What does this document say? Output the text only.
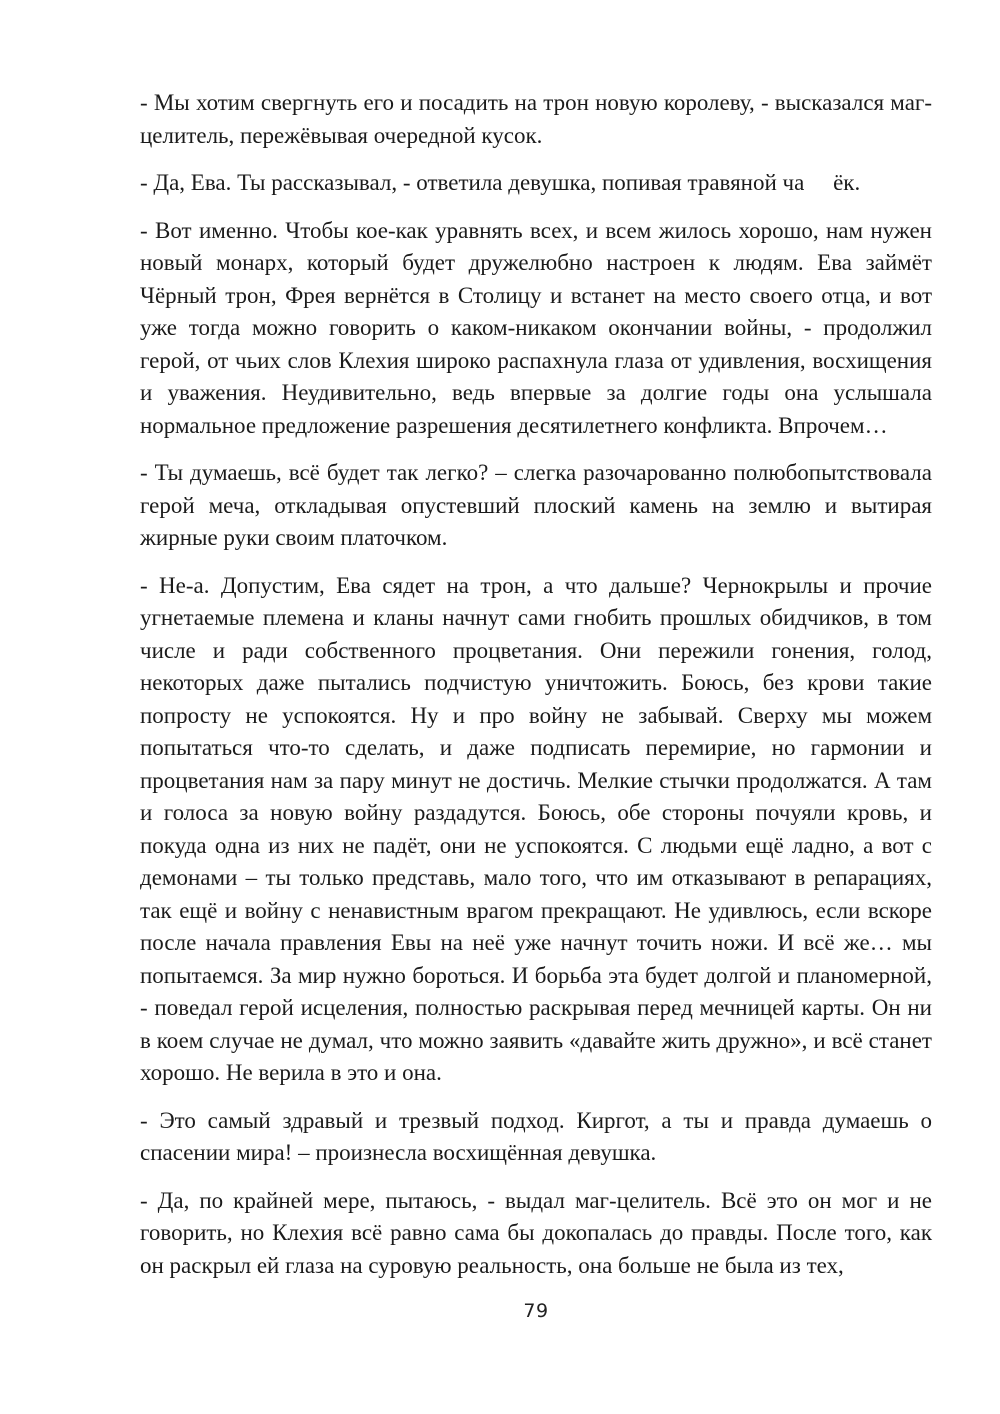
- Мы хотим свергнуть его и посадить на трон новую королеву, - высказался маг-целитель, пережёвывая очередной кусок.

- Да, Ева. Ты рассказывал, - ответила девушка, попивая травяной ча     ёк.

- Вот именно. Чтобы кое-как уравнять всех, и всем жилось хорошо, нам нужен новый монарх, который будет дружелюбно настроен к людям. Ева займёт Чёрный трон, Фрея вернётся в Столицу и встанет на место своего отца, и вот уже тогда можно говорить о каком-никаком окончании войны, - продолжил герой, от чьих слов Клехия широко распахнула глаза от удивления, восхищения и уважения. Неудивительно, ведь впервые за долгие годы она услышала нормальное предложение разрешения десятилетнего конфликта. Впрочем…

- Ты думаешь, всё будет так легко? – слегка разочарованно полюбопытствовала герой меча, откладывая опустевший плоский камень на землю и вытирая жирные руки своим платочком.

- Не-а. Допустим, Ева сядет на трон, а что дальше? Чернокрылы и прочие угнетаемые племена и кланы начнут сами гнобить прошлых обидчиков, в том числе и ради собственного процветания. Они пережили гонения, голод, некоторых даже пытались подчистую уничтожить. Боюсь, без крови такие попросту не успокоятся. Ну и про войну не забывай. Сверху мы можем попытаться что-то сделать, и даже подписать перемирие, но гармонии и процветания нам за пару минут не достичь. Мелкие стычки продолжатся. А там и голоса за новую войну раздадутся. Боюсь, обе стороны почуяли кровь, и покуда одна из них не падёт, они не успокоятся. С людьми ещё ладно, а вот с демонами – ты только представь, мало того, что им отказывают в репарациях, так ещё и войну с ненавистным врагом прекращают. Не удивлюсь, если вскоре после начала правления Евы на неё уже начнут точить ножи. И всё же… мы попытаемся. За мир нужно бороться. И борьба эта будет долгой и планомерной, - поведал герой исцеления, полностью раскрывая перед мечницей карты. Он ни в коем случае не думал, что можно заявить «давайте жить дружно», и всё станет хорошо. Не верила в это и она.

- Это самый здравый и трезвый подход. Киргот, а ты и правда думаешь о спасении мира! – произнесла восхищённая девушка.

- Да, по крайней мере, пытаюсь, - выдал маг-целитель. Всё это он мог и не говорить, но Клехия всё равно сама бы докопалась до правды. После того, как он раскрыл ей глаза на суровую реальность, она больше не была из тех,

79
